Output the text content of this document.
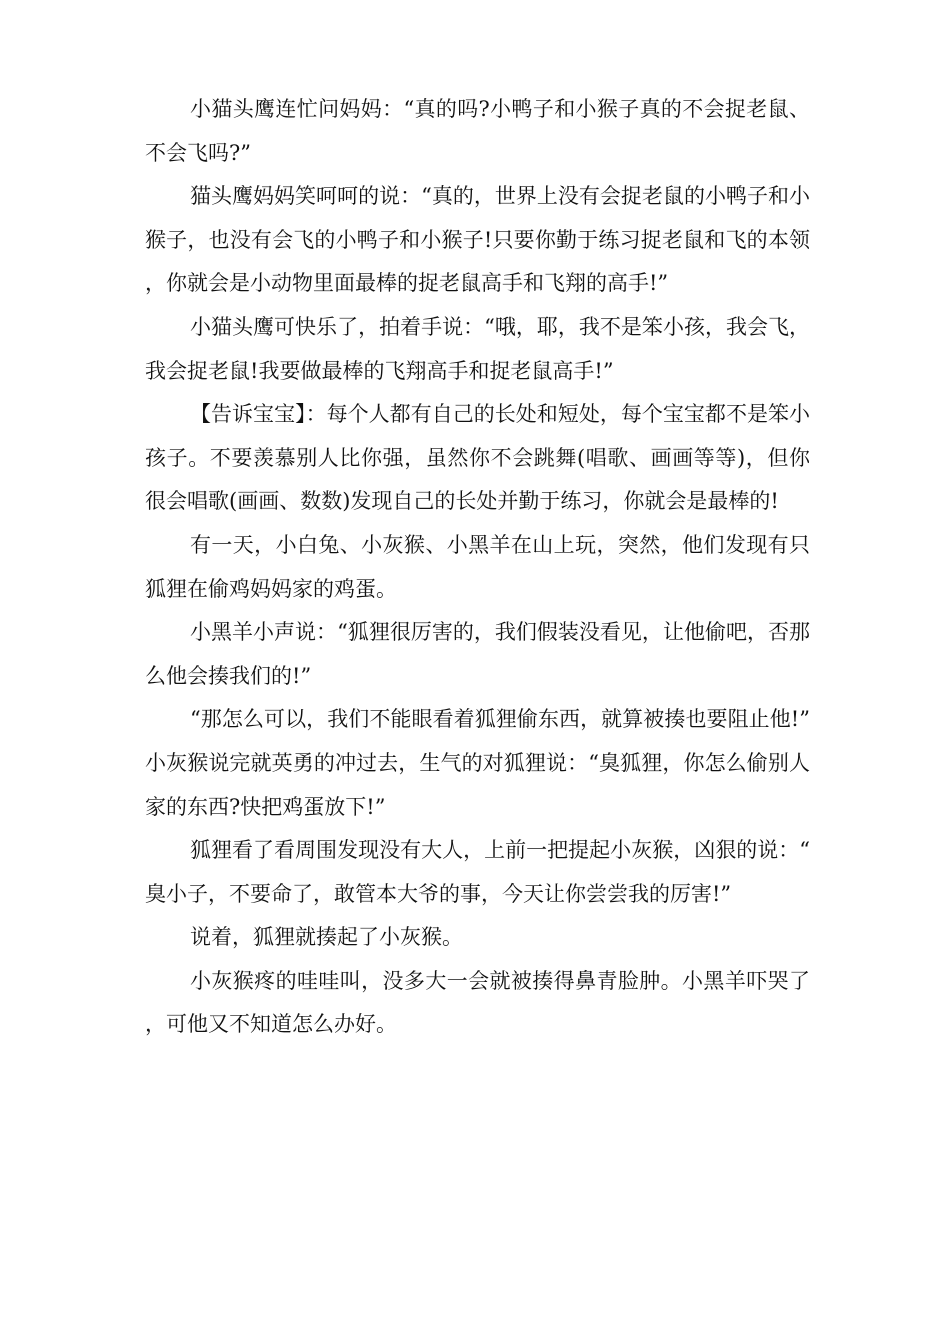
小猫头鹰连忙问妈妈：“真的吗?小鸭子和小猴子真的不会捉老鼠、不会飞吗?”

猫头鹰妈妈笑呵呵的说：“真的，世界上没有会捉老鼠的小鸭子和小猴子，也没有会飞的小鸭子和小猴子!只要你勤于练习捉老鼠和飞的本领，你就会是小动物里面最棒的捉老鼠高手和飞翔的高手!”

小猫头鹰可快乐了，拍着手说：“哦，耶，我不是笨小孩，我会飞，我会捉老鼠!我要做最棒的飞翔高手和捉老鼠高手!”

【告诉宝宝】：每个人都有自己的长处和短处，每个宝宝都不是笨小孩子。不要羡慕别人比你强，虽然你不会跳舞(唱歌、画画等等)，但你很会唱歌(画画、数数)发现自己的长处并勤于练习，你就会是最棒的!

有一天，小白兔、小灰猴、小黑羊在山上玩，突然，他们发现有只狐狸在偷鸡妈妈家的鸡蛋。

小黑羊小声说：“狐狸很厉害的，我们假装没看见，让他偷吧，否那么他会揍我们的!”

“那怎么可以，我们不能眼看着狐狸偷东西，就算被揍也要阻止他!”小灰猴说完就英勇的冲过去，生气的对狐狸说：“臭狐狸，你怎么偷别人家的东西?快把鸡蛋放下!”

狐狸看了看周围发现没有大人，上前一把提起小灰猴，凶狠的说：“臭小子，不要命了，敢管本大爷的事，今天让你尝尝我的厉害!”

说着，狐狸就揍起了小灰猴。

小灰猴疼的哇哇叫，没多大一会就被揍得鼻青脸肿。小黑羊吓哭了，可他又不知道怎么办好。
